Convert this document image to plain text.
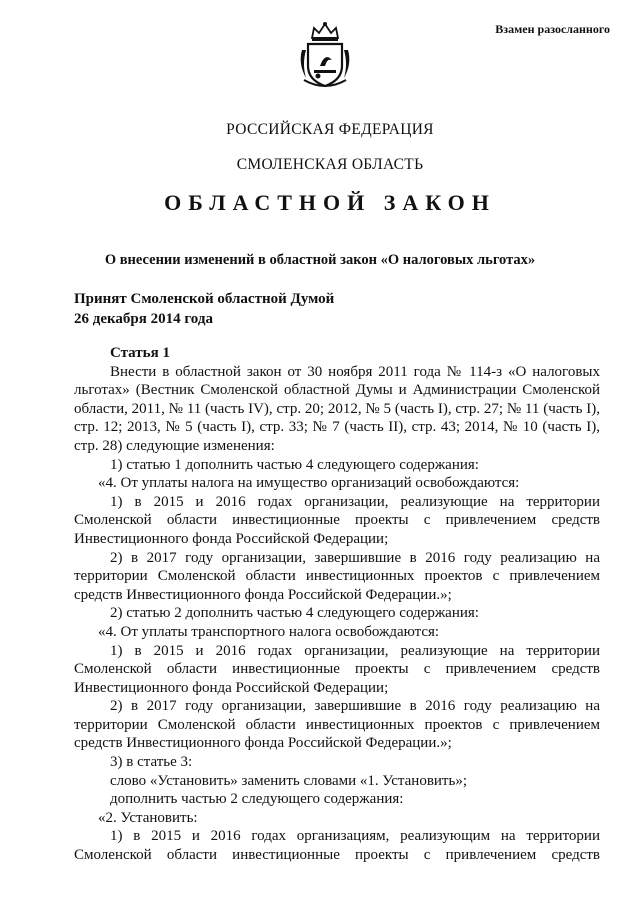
Взамен разосланного
РОССИЙСКАЯ ФЕДЕРАЦИЯ
СМОЛЕНСКАЯ ОБЛАСТЬ
ОБЛАСТНОЙ ЗАКОН
О внесении изменений в областной закон «О налоговых льготах»
Принят Смоленской областной Думой
26 декабря 2014 года

Статья 1

Внести в областной закон от 30 ноября 2011 года № 114-з «О налоговых льготах» (Вестник Смоленской областной Думы и Администрации Смоленской области, 2011, № 11 (часть IV), стр. 20; 2012, № 5 (часть I), стр. 27; № 11 (часть I), стр. 12; 2013, № 5 (часть I), стр. 33; № 7 (часть II), стр. 43; 2014, № 10 (часть I), стр. 28) следующие изменения:

1) статью 1 дополнить частью 4 следующего содержания:

«4. От уплаты налога на имущество организаций освобождаются:

1) в 2015 и 2016 годах организации, реализующие на территории Смоленской области инвестиционные проекты с привлечением средств Инвестиционного фонда Российской Федерации;

2) в 2017 году организации, завершившие в 2016 году реализацию на территории Смоленской области инвестиционных проектов с привлечением средств Инвестиционного фонда Российской Федерации.»;

2) статью 2 дополнить частью 4 следующего содержания:

«4. От уплаты транспортного налога освобождаются:

1) в 2015 и 2016 годах организации, реализующие на территории Смоленской области инвестиционные проекты с привлечением средств Инвестиционного фонда Российской Федерации;

2) в 2017 году организации, завершившие в 2016 году реализацию на территории Смоленской области инвестиционных проектов с привлечением средств Инвестиционного фонда Российской Федерации.»;

3) в статье 3:

слово «Установить» заменить словами «1. Установить»;

дополнить частью 2 следующего содержания:

«2. Установить:

1) в 2015 и 2016 годах организациям, реализующим на территории Смоленской области инвестиционные проекты с привлечением средств
